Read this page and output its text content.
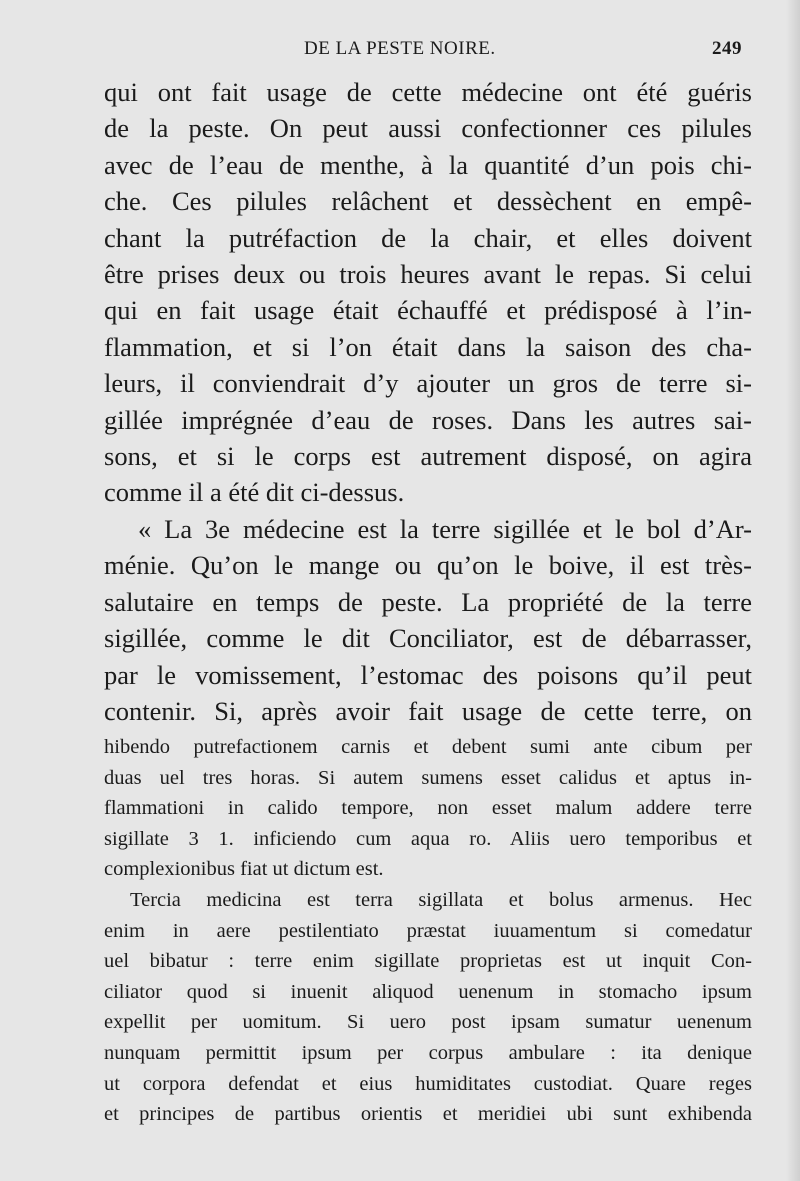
DE LA PESTE NOIRE.	249
qui ont fait usage de cette médecine ont été guéris
de la peste. On peut aussi confectionner ces pilules
avec de l’eau de menthe, à la quantité d’un pois chi-
che. Ces pilules relâchent et dessèchent en empê-
chant la putréfaction de la chair, et elles doivent
être prises deux ou trois heures avant le repas. Si celui
qui en fait usage était échauffé et prédisposé à l’in-
flammation, et si l’on était dans la saison des cha-
leurs, il conviendrait d’y ajouter un gros de terre si-
gillée imprégnée d’eau de roses. Dans les autres sai-
sons, et si le corps est autrement disposé, on agira
comme il a été dit ci-dessus.
« La 3e médecine est la terre sigillée et le bol d’Ar-
ménie. Qu’on le mange ou qu’on le boive, il est très-
salutaire en temps de peste. La propriété de la terre
sigillée, comme le dit Conciliator, est de débarrasser,
par le vomissement, l’estomac des poisons qu’il peut
contenir. Si, après avoir fait usage de cette terre, on
hibendo putrefactionem carnis et debent sumi ante cibum per
duas uel tres horas. Si autem sumens esset calidus et aptus in-
flammationi in calido tempore, non esset malum addere terre
sigillate 3 1. inficiendo cum aqua ro. Aliis uero temporibus et
complexionibus fiat ut dictum est.
Tercia medicina est terra sigillata et bolus armenus. Hec
enim in aere pestilentiato præstat iuuamentum si comedatur
uel bibatur : terre enim sigillate proprietas est ut inquit Con-
ciliator quod si inuenit aliquod uenenum in stomacho ipsum
expellit per uomitum. Si uero post ipsam sumatur uenenum
nunquam permittit ipsum per corpus ambulare : ita denique
ut corpora defendat et eius humiditates custodiat. Quare reges
et principes de partibus orientis et meridiei ubi sunt exhibenda
